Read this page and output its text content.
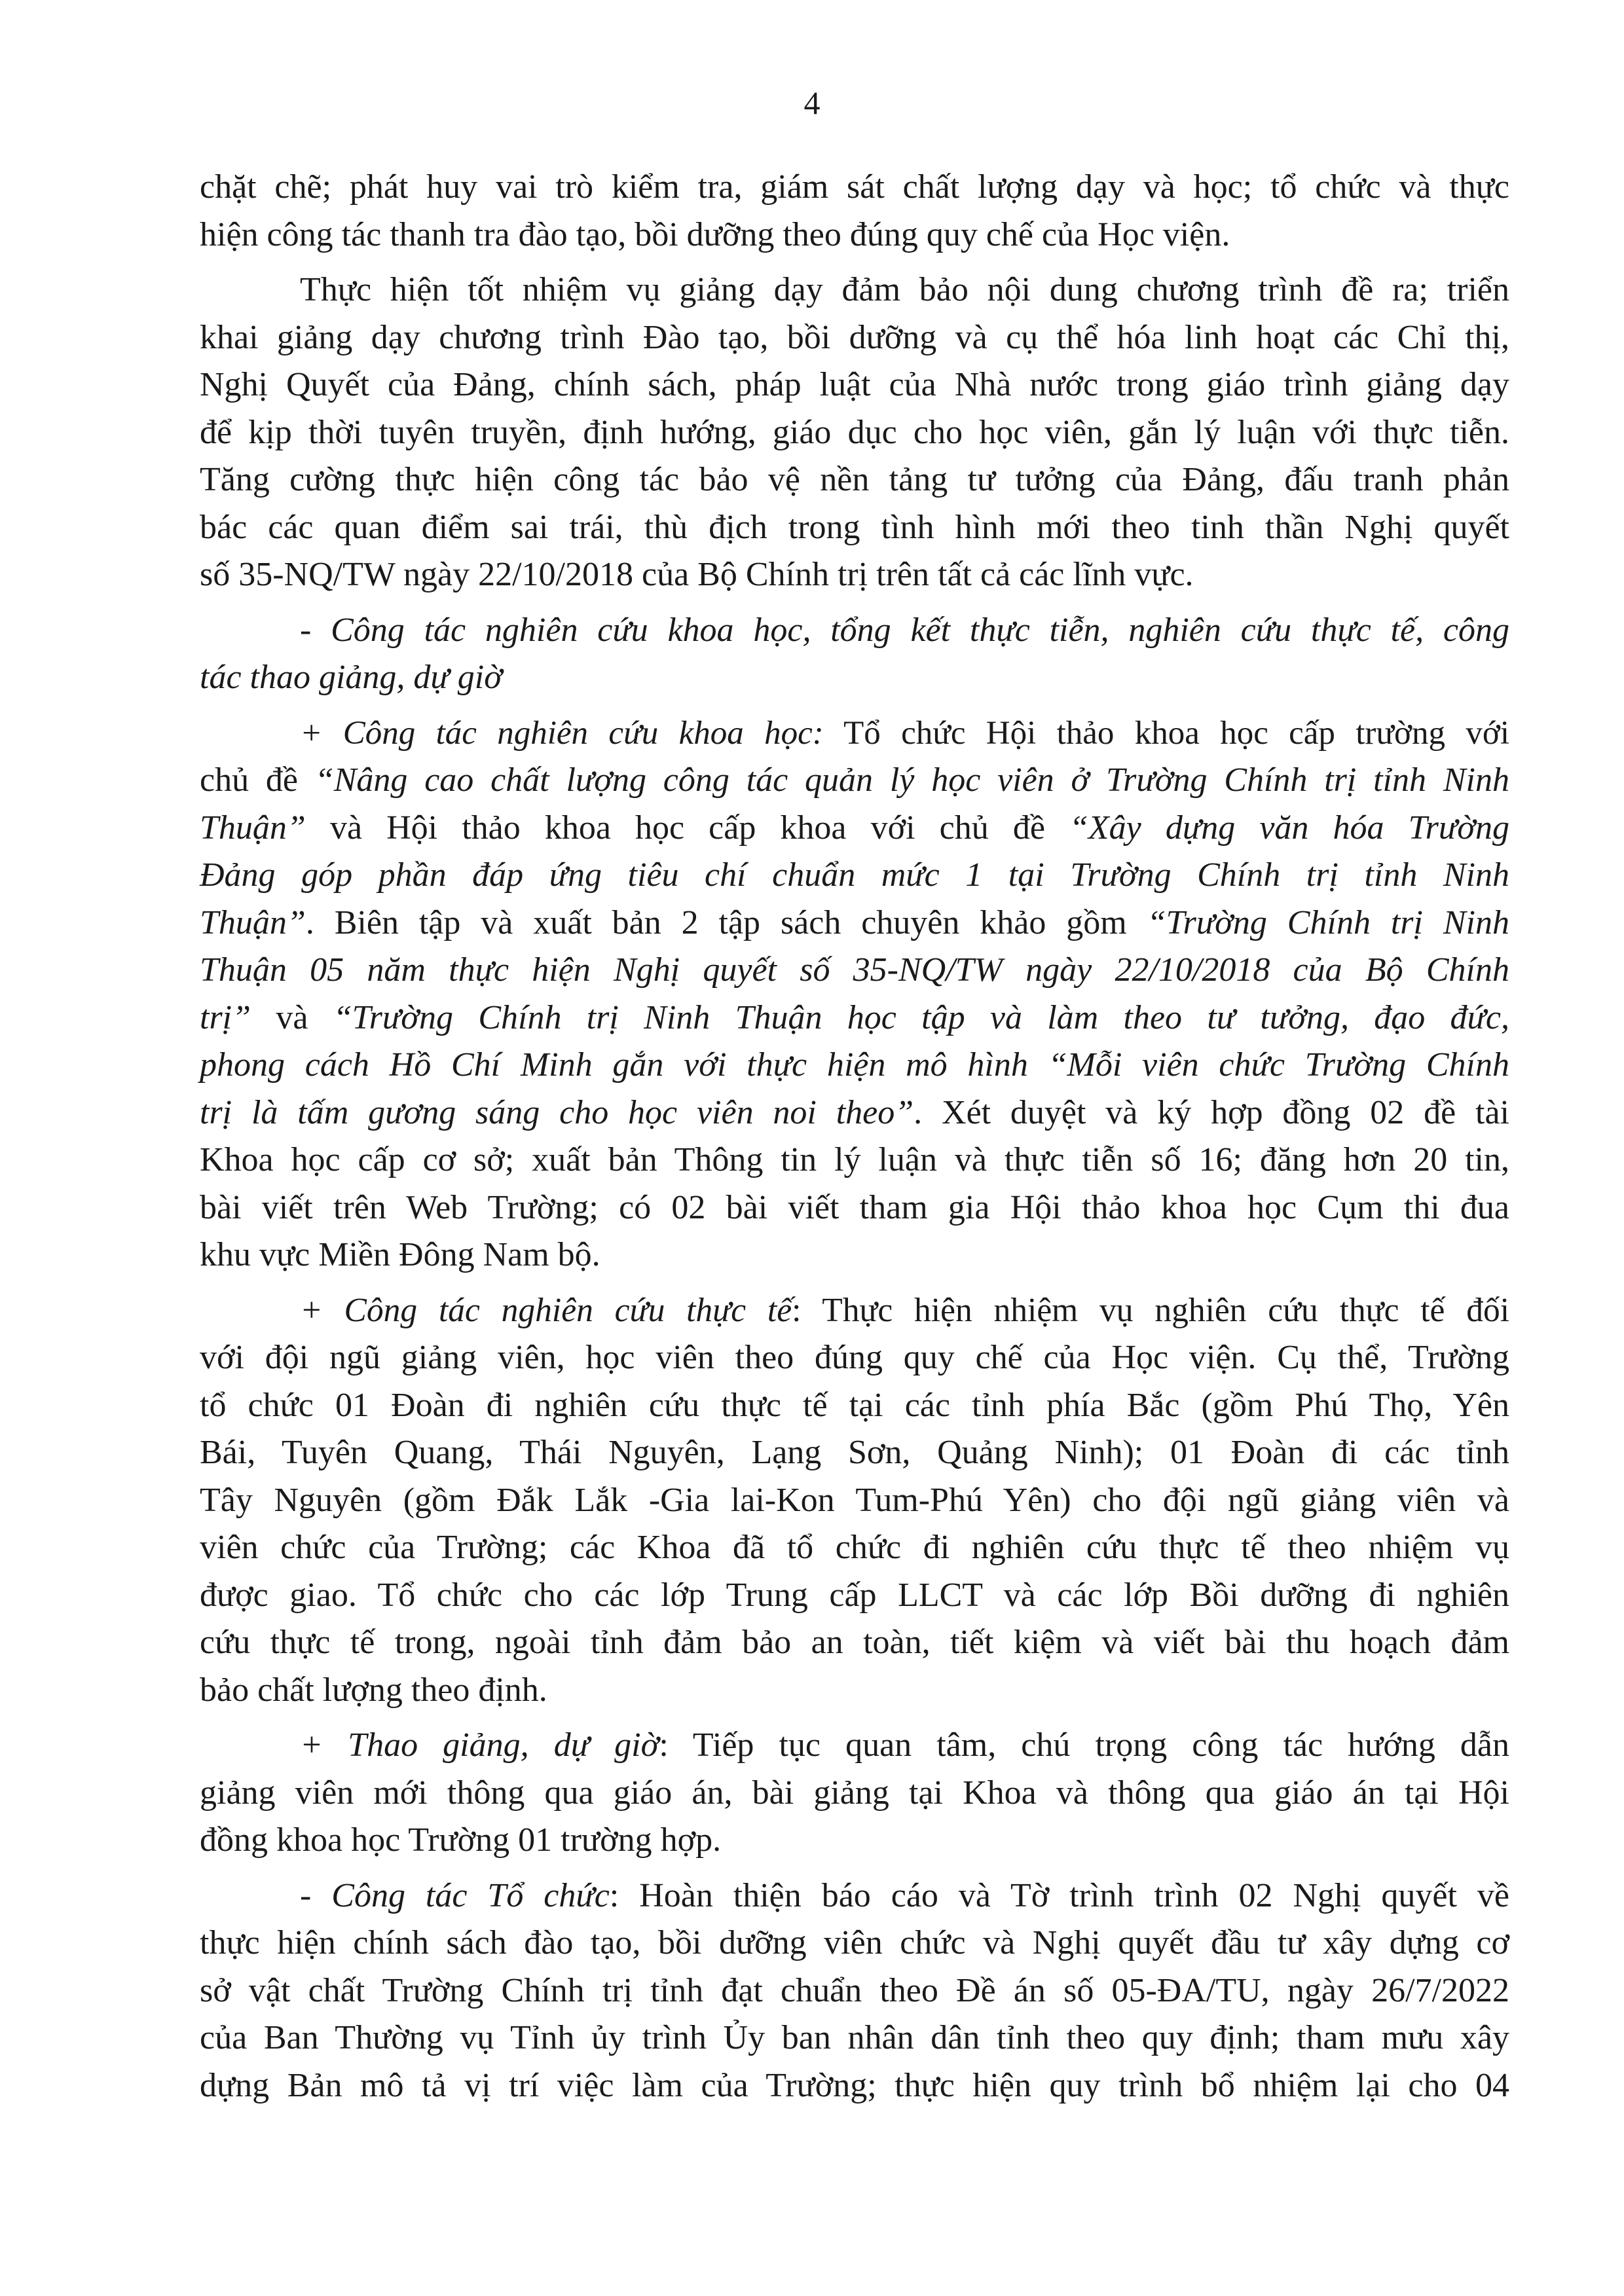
4
chặt chẽ; phát huy vai trò kiểm tra, giám sát chất lượng dạy và học; tổ chức và thực
hiện công tác thanh tra đào tạo, bồi dưỡng theo đúng quy chế của Học viện.
Thực hiện tốt nhiệm vụ giảng dạy đảm bảo nội dung chương trình đề ra; triển
khai giảng dạy chương trình Đào tạo, bồi dưỡng và cụ thể hóa linh hoạt các Chỉ thị,
Nghị Quyết của Đảng, chính sách, pháp luật của Nhà nước trong giáo trình giảng dạy
để kịp thời tuyên truyền, định hướng, giáo dục cho học viên, gắn lý luận với thực tiễn.
Tăng cường thực hiện công tác bảo vệ nền tảng tư tưởng của Đảng, đấu tranh phản
bác các quan điểm sai trái, thù địch trong tình hình mới theo tinh thần Nghị quyết
số 35-NQ/TW ngày 22/10/2018 của Bộ Chính trị trên tất cả các lĩnh vực.
- Công tác nghiên cứu khoa học, tổng kết thực tiễn, nghiên cứu thực tế, công
tác thao giảng, dự giờ
+ Công tác nghiên cứu khoa học: Tổ chức Hội thảo khoa học cấp trường với
chủ đề “Nâng cao chất lượng công tác quản lý học viên ở Trường Chính trị tỉnh Ninh
Thuận” và Hội thảo khoa học cấp khoa với chủ đề “Xây dựng văn hóa Trường
Đảng góp phần đáp ứng tiêu chí chuẩn mức 1 tại Trường Chính trị tỉnh Ninh
Thuận”. Biên tập và xuất bản 2 tập sách chuyên khảo gồm “Trường Chính trị Ninh
Thuận 05 năm thực hiện Nghị quyết số 35-NQ/TW ngày 22/10/2018 của Bộ Chính
trị” và “Trường Chính trị Ninh Thuận học tập và làm theo tư tưởng, đạo đức,
phong cách Hồ Chí Minh gắn với thực hiện mô hình “Mỗi viên chức Trường Chính
trị là tấm gương sáng cho học viên noi theo”. Xét duyệt và ký hợp đồng 02 đề tài
Khoa học cấp cơ sở; xuất bản Thông tin lý luận và thực tiễn số 16; đăng hơn 20 tin,
bài viết trên Web Trường; có 02 bài viết tham gia Hội thảo khoa học Cụm thi đua
khu vực Miền Đông Nam bộ.
+ Công tác nghiên cứu thực tế: Thực hiện nhiệm vụ nghiên cứu thực tế đối
với đội ngũ giảng viên, học viên theo đúng quy chế của Học viện. Cụ thể, Trường
tổ chức 01 Đoàn đi nghiên cứu thực tế tại các tỉnh phía Bắc (gồm Phú Thọ, Yên
Bái, Tuyên Quang, Thái Nguyên, Lạng Sơn, Quảng Ninh); 01 Đoàn đi các tỉnh
Tây Nguyên (gồm Đắk Lắk -Gia lai-Kon Tum-Phú Yên) cho đội ngũ giảng viên và
viên chức của Trường; các Khoa đã tổ chức đi nghiên cứu thực tế theo nhiệm vụ
được giao. Tổ chức cho các lớp Trung cấp LLCT và các lớp Bồi dưỡng đi nghiên
cứu thực tế trong, ngoài tỉnh đảm bảo an toàn, tiết kiệm và viết bài thu hoạch đảm
bảo chất lượng theo định.
+ Thao giảng, dự giờ: Tiếp tục quan tâm, chú trọng công tác hướng dẫn
giảng viên mới thông qua giáo án, bài giảng tại Khoa và thông qua giáo án tại Hội
đồng khoa học Trường 01 trường hợp.
- Công tác Tổ chức: Hoàn thiện báo cáo và Tờ trình trình 02 Nghị quyết về
thực hiện chính sách đào tạo, bồi dưỡng viên chức và Nghị quyết đầu tư xây dựng cơ
sở vật chất Trường Chính trị tỉnh đạt chuẩn theo Đề án số 05-ĐA/TU, ngày 26/7/2022
của Ban Thường vụ Tỉnh ủy trình Ủy ban nhân dân tỉnh theo quy định; tham mưu xây
dựng Bản mô tả vị trí việc làm của Trường; thực hiện quy trình bổ nhiệm lại cho 04
